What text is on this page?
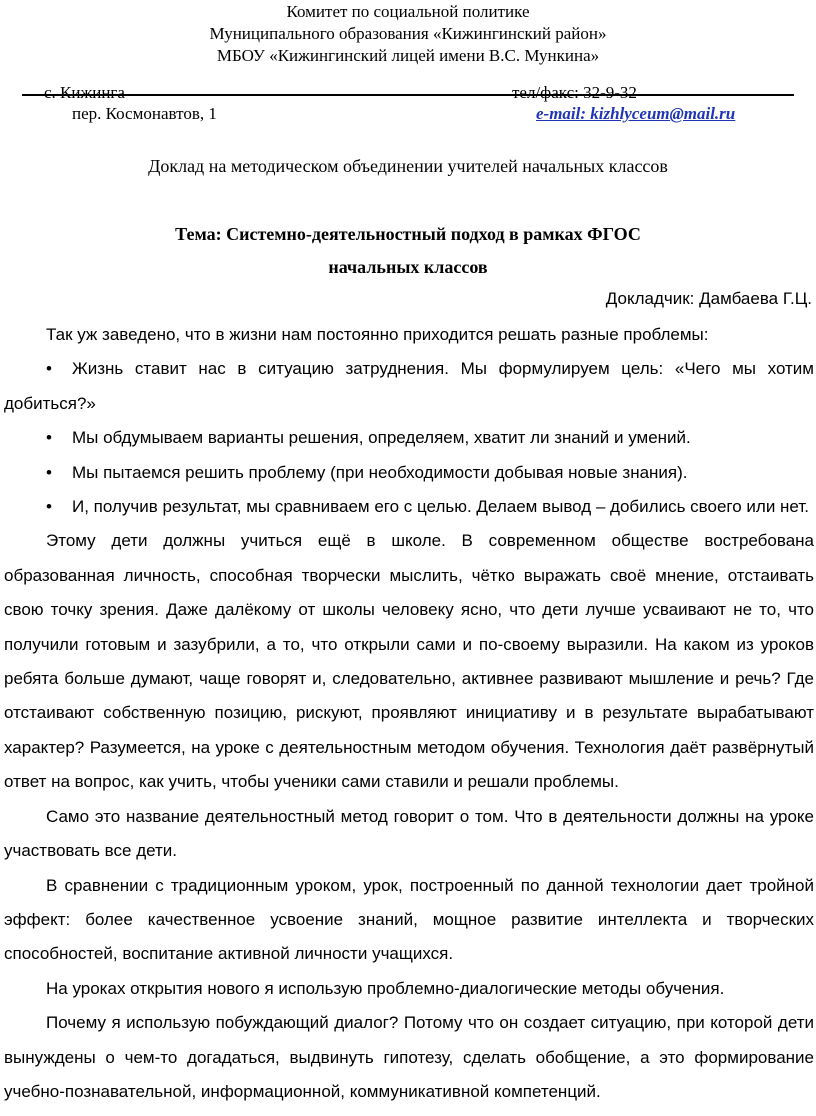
Комитет по социальной политике
Муниципального образования «Кижингинский район»
МБОУ «Кижингинский лицей имени В.С. Мункина»
с. Кижинга	тел/факс: 32-9-32
пер. Космонавтов, 1	e-mail: kizhlyceum@mail.ru
Доклад на методическом объединении учителей начальных классов
Тема: Системно-деятельностный подход в рамках ФГОС
начальных классов
Докладчик: Дамбаева Г.Ц.

Так уж заведено, что в жизни нам постоянно приходится решать разные проблемы:

• Жизнь ставит нас в ситуацию затруднения. Мы формулируем цель: «Чего мы хотим добиться?»

• Мы обдумываем варианты решения, определяем, хватит ли знаний и умений.

• Мы пытаемся решить проблему (при необходимости добывая новые знания).

• И, получив результат, мы сравниваем его с целью. Делаем вывод – добились своего или нет.

Этому дети должны учиться ещё в школе. В современном обществе востребована образованная личность, способная творчески мыслить, чётко выражать своё мнение, отстаивать свою точку зрения. Даже далёкому от школы человеку ясно, что дети лучше усваивают не то, что получили готовым и зазубрили, а то, что открыли сами и по-своему выразили. На каком из уроков ребята больше думают, чаще говорят и, следовательно, активнее развивают мышление и речь? Где отстаивают собственную позицию, рискуют, проявляют инициативу и в результате вырабатывают характер? Разумеется, на уроке с деятельностным методом обучения. Технология даёт развёрнутый ответ на вопрос, как учить, чтобы ученики сами ставили и решали проблемы.

Само это название деятельностный метод говорит о том. Что в деятельности должны на уроке участвовать все дети.

В сравнении с традиционным уроком, урок, построенный по данной технологии дает тройной эффект: более качественное усвоение знаний, мощное развитие интеллекта и творческих способностей, воспитание активной личности учащихся.

На уроках открытия нового я использую проблемно-диалогические методы обучения.

Почему я использую побуждающий диалог? Потому что он создает ситуацию, при которой дети вынуждены о чем-то догадаться, выдвинуть гипотезу, сделать обобщение, а это формирование учебно-познавательной, информационной, коммуникативной компетенций.
